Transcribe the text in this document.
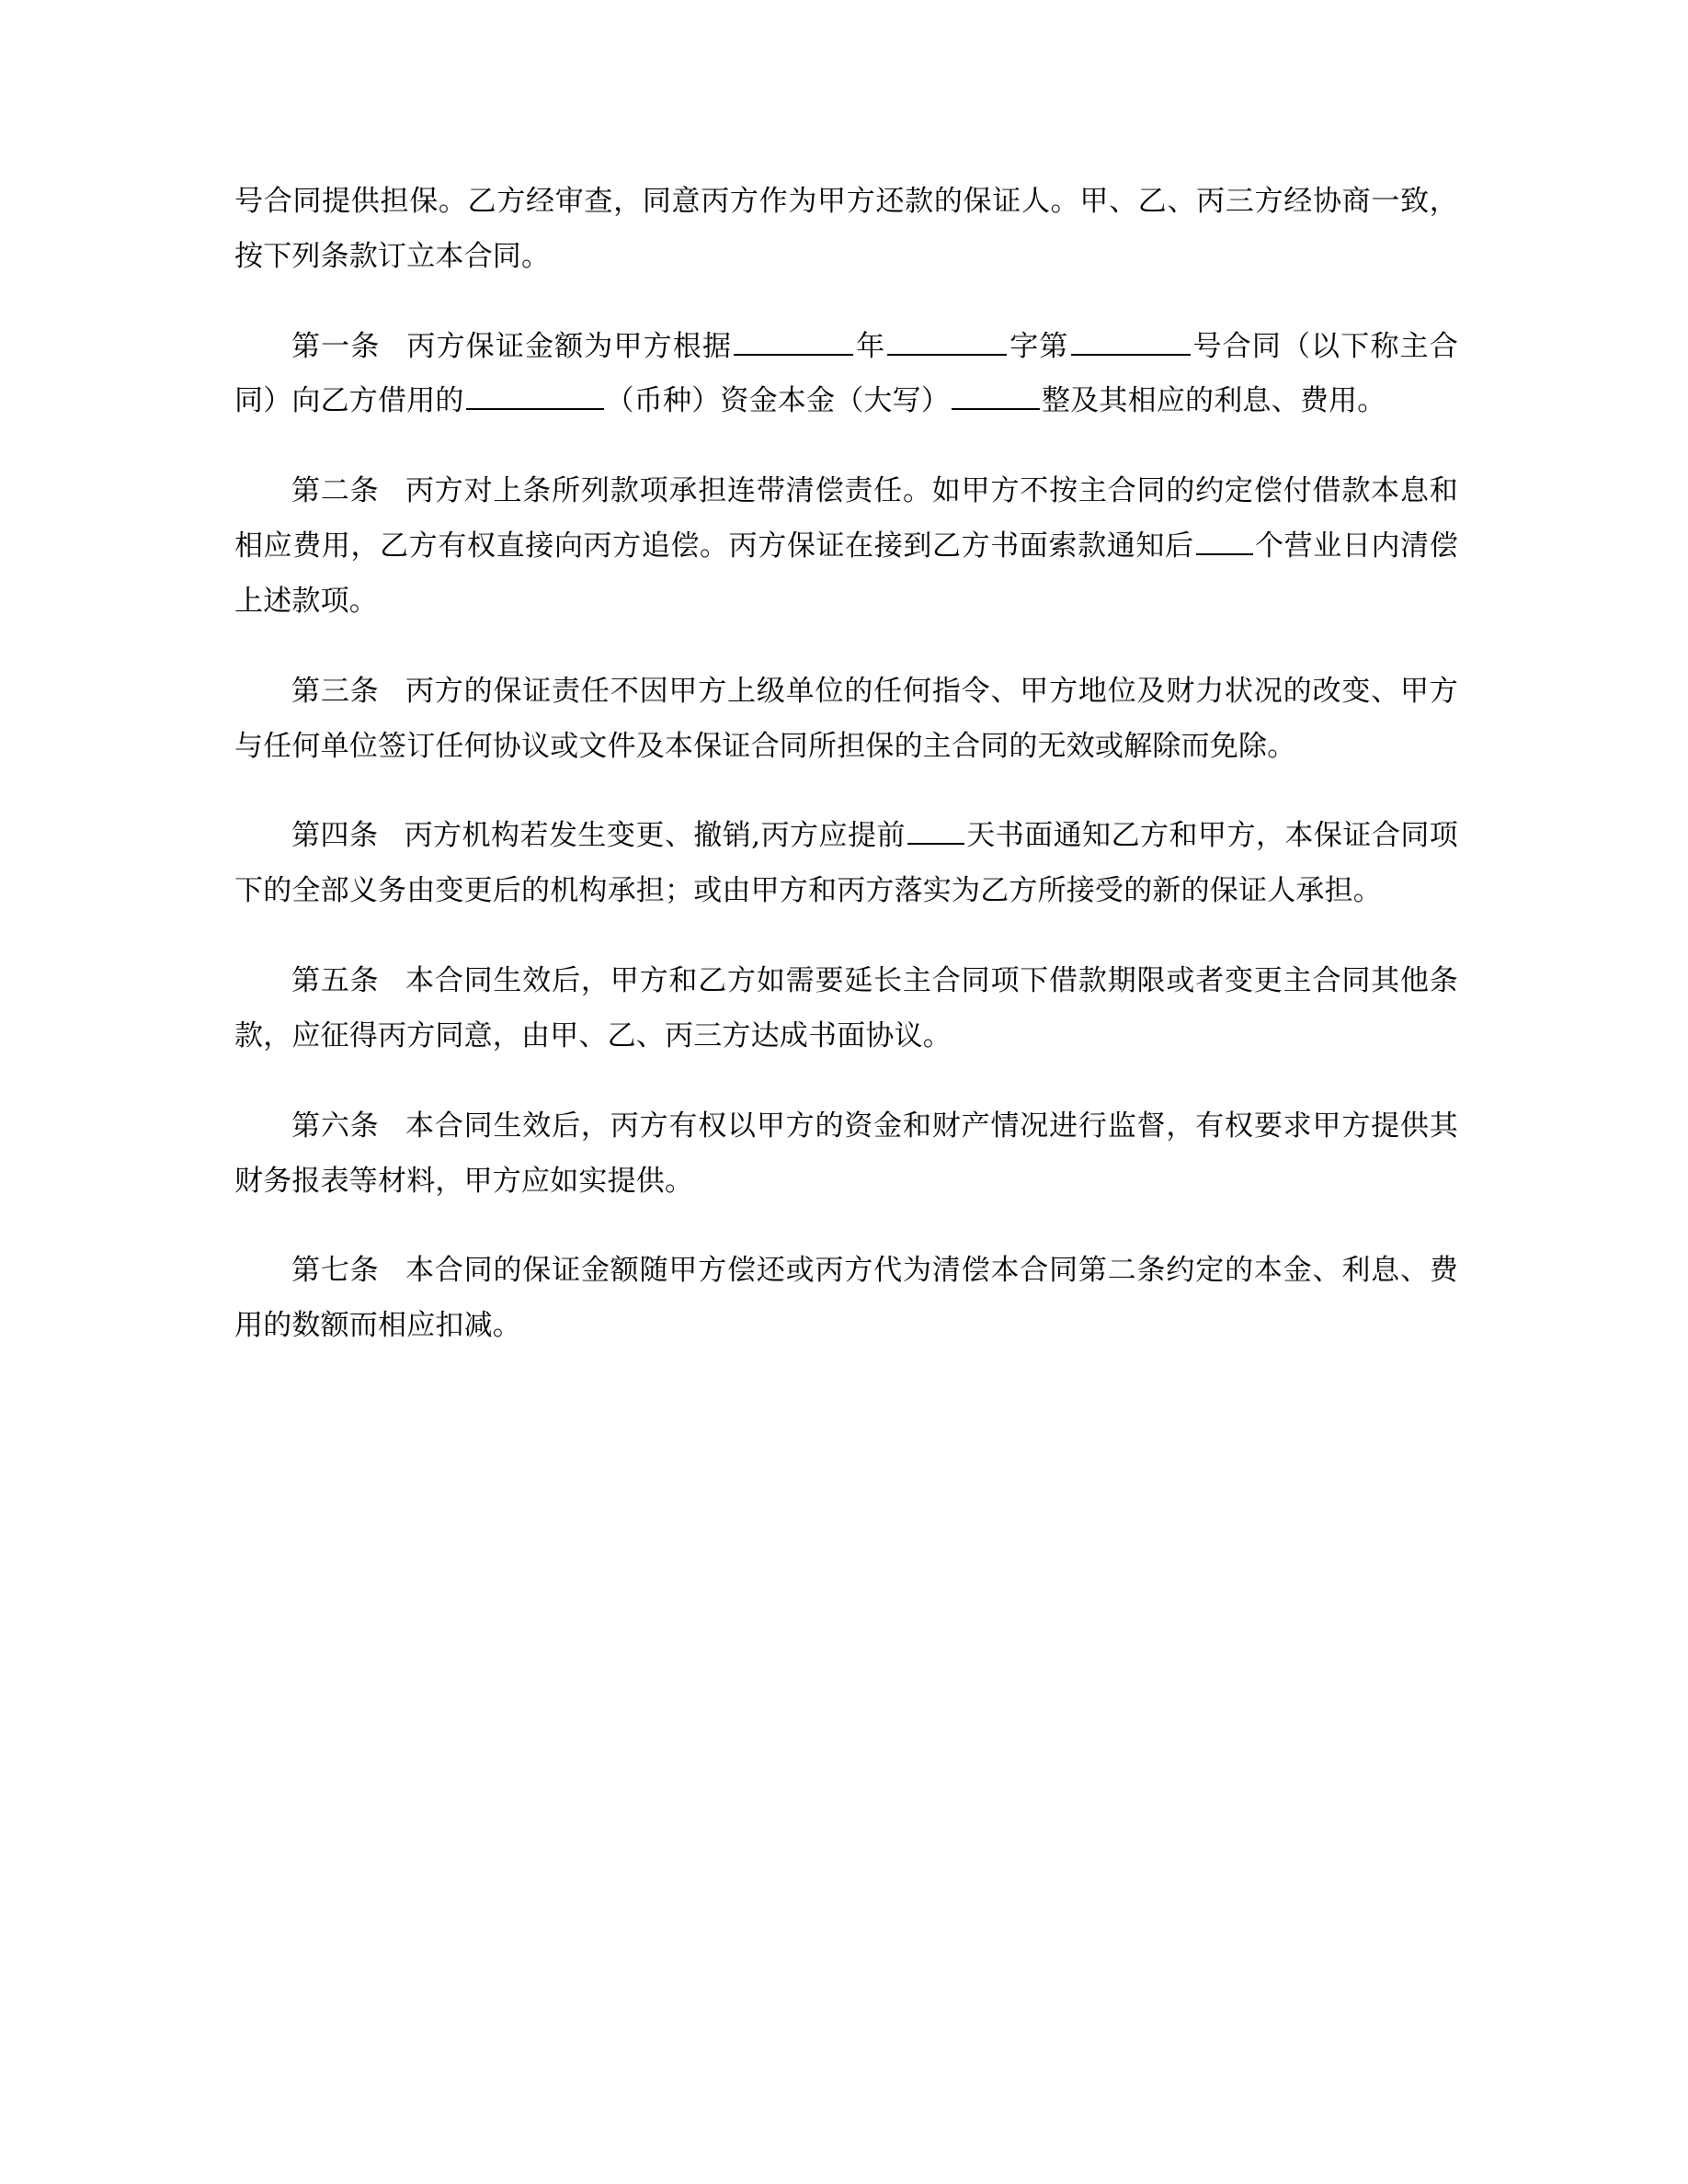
号合同提供担保。乙方经审查，同意丙方作为甲方还款的保证人。甲、乙、丙三方经协商一致，按下列条款订立本合同。

第一条 丙方保证金额为甲方根据	年	字第	号合同（以下称主合同）向乙方借用的	（币种）资金本金（大写）	整及其相应的利息、费用。

第二条 丙方对上条所列款项承担连带清偿责任。如甲方不按主合同的约定偿付借款本息和相应费用，乙方有权直接向丙方追偿。丙方保证在接到乙方书面索款通知后 个营业日内清偿上述款项。

第三条 丙方的保证责任不因甲方上级单位的任何指令、甲方地位及财力状况的改变、甲方与任何单位签订任何协议或文件及本保证合同所担保的主合同的无效或解除而免除。

第四条 丙方机构若发生变更、撤销,丙方应提前 天书面通知乙方和甲方，本保证合同项下的全部义务由变更后的机构承担；或由甲方和丙方落实为乙方所接受的新的保证人承担。

第五条 本合同生效后，甲方和乙方如需要延长主合同项下借款期限或者变更主合同其他条款，应征得丙方同意，由甲、乙、丙三方达成书面协议。

第六条 本合同生效后，丙方有权以甲方的资金和财产情况进行监督，有权要求甲方提供其财务报表等材料，甲方应如实提供。

第七条 本合同的保证金额随甲方偿还或丙方代为清偿本合同第二条约定的本金、利息、费用的数额而相应扣减。
